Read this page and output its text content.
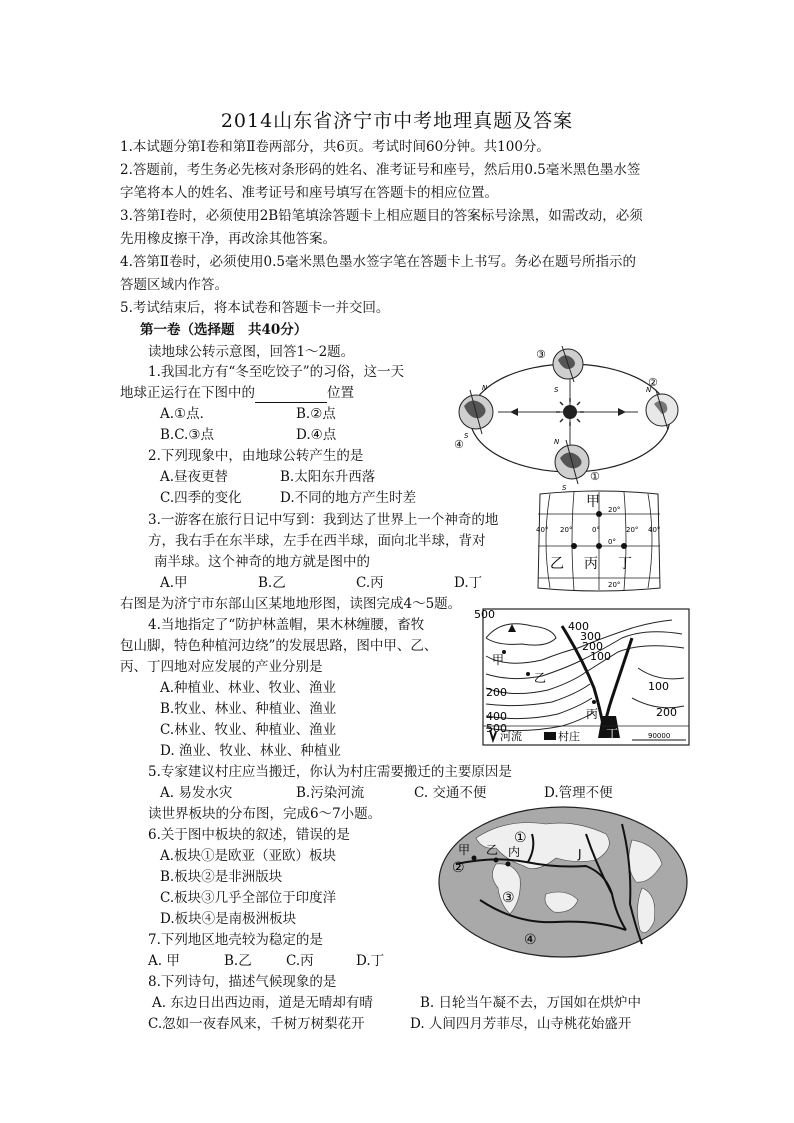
2014山东省济宁市中考地理真题及答案
1.本试题分第Ⅰ卷和第Ⅱ卷两部分，共6页。考试时间60分钟。共100分。
2.答题前，考生务必先核对条形码的姓名、准考证号和座号，然后用0.5毫米黑色墨水签
字笔将本人的姓名、准考证号和座号填写在答题卡的相应位置。
3.答第Ⅰ卷时，必须使用2B铅笔填涂答题卡上相应题目的答案标号涂黑，如需改动，必须
先用橡皮擦干净，再改涂其他答案。
4.答第Ⅱ卷时，必须使用0.5毫米黑色墨水签字笔在答题卡上书写。务必在题号所指示的
答题区域内作答。
5.考试结束后，将本试卷和答题卡一并交回。
第一卷（选择题　共40分）
读地球公转示意图，回答1～2题。
1.我国北方有“冬至吃饺子”的习俗，这一天
地球正运行在下图中的	位置
A.①点．	B.②点
B.C.③点	D.④点
2.下列现象中，由地球公转产生的是
A.昼夜更替	B.太阳东升西落
C.四季的变化	D.不同的地方产生时差
3.一游客在旅行日记中写到：我到达了世界上一个神奇的地
方，我右手在东半球，左手在西半球，面向北半球，背对
南半球。这个神奇的地方就是图中的
A.甲	B.乙	C.丙	D.丁
右图是为济宁市东部山区某地地形图，读图完成4～5题。
4.当地指定了“防护林盖帽，果木林缠腰，畜牧
包山脚，特色种植河边绕”的发展思路，图中甲、乙、
丙、丁四地对应发展的产业分别是
A.种植业、林业、牧业、渔业
B.牧业、林业、种植业、渔业
C.林业、牧业、种植业、渔业
D. 渔业、牧业、林业、种植业
5.专家建议村庄应当搬迁，你认为村庄需要搬迁的主要原因是
A. 易发水灾	B.污染河流	C. 交通不便	D.管理不便
读世界板块的分布图，完成6～7小题。
6.关于图中板块的叙述，错误的是
A.板块①是欧亚（亚欧）板块
B.板块②是非洲版块
C.板块③几乎全部位于印度洋
D.板块④是南极洲板块
7.下列地区地壳较为稳定的是
A. 甲	B.乙	C.丙	D.丁
8.下列诗句，描述气候现象的是
A. 东边日出西边雨，道是无晴却有晴	B. 日轮当午凝不去，万国如在烘炉中
C.忽如一夜春风来，千树万树梨花开	D. 人间四月芳菲尽，山寺桃花始盛开
③
②
①
④
N
S
N
S
N
S
甲
乙 丙 丁
20°
0°
20°
40° 20°	0°	20° 40°
500
400
300
200
100
100
200
200
400
500
甲
乙
丙
丁
河流	村庄	90000
①
②
③
④
甲 乙 内	J
